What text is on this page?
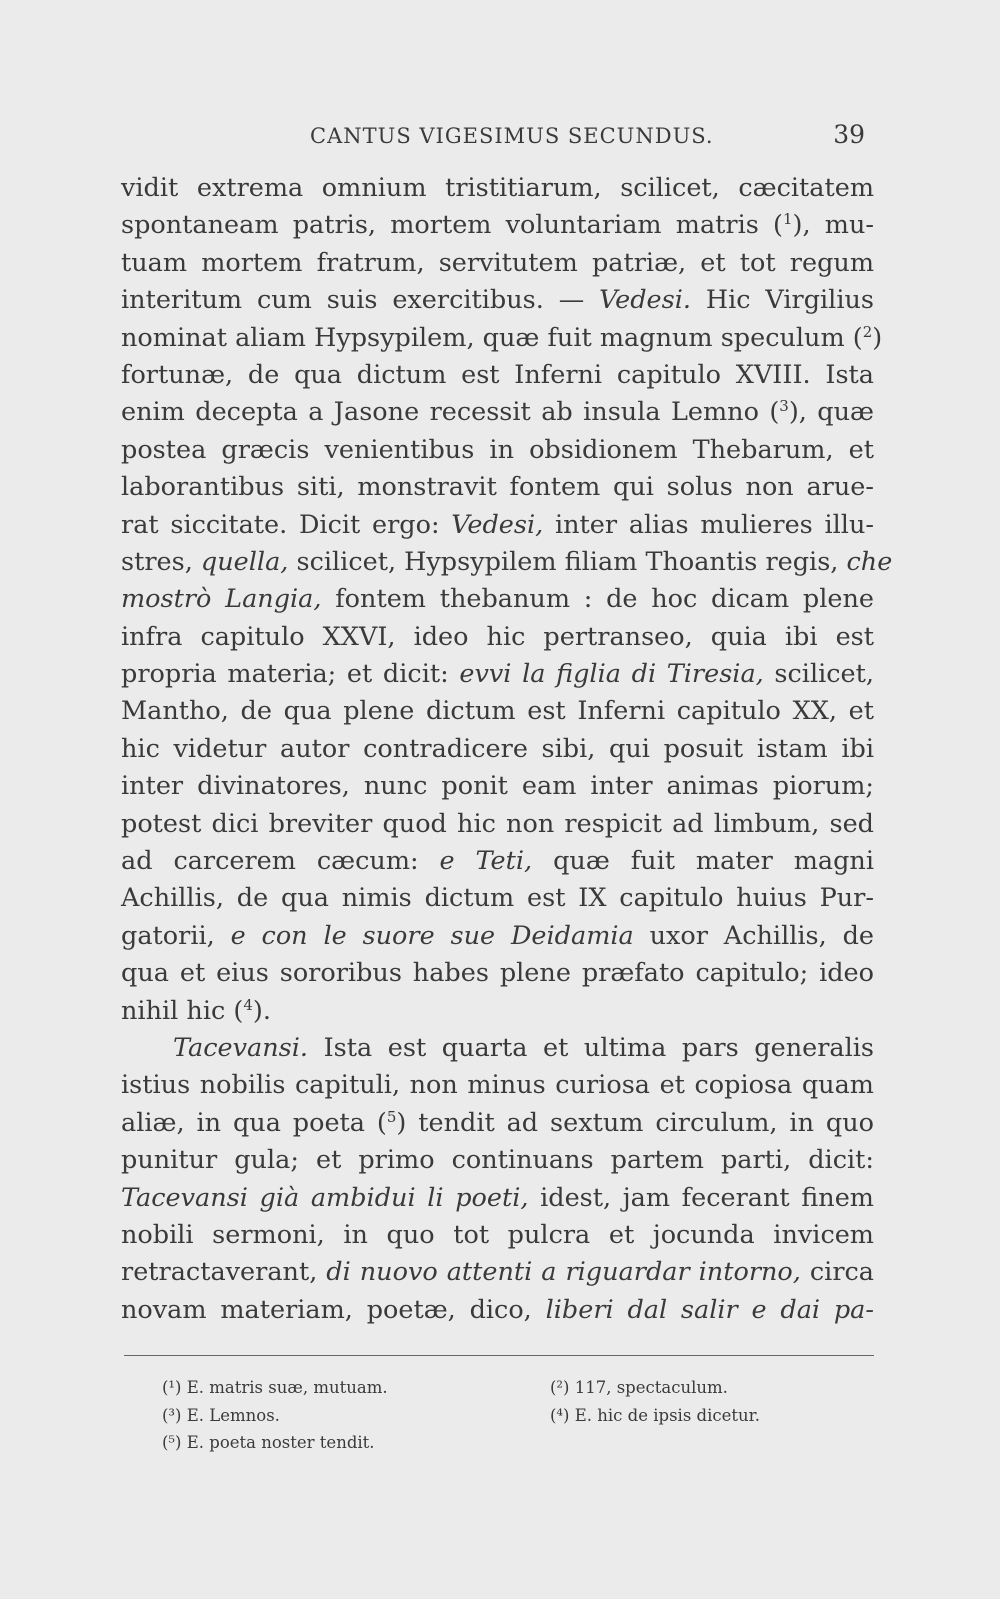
CANTUS VIGESIMUS SECUNDUS.	39
vidit extrema omnium tristitiarum, scilicet, cæcitatem
spontaneam patris, mortem voluntariam matris ($^1$), mu-
tuam mortem fratrum, servitutem patriæ, et tot regum
interitum cum suis exercitibus. — Vedesi. Hic Virgilius
nominat aliam Hypsypilem, quæ fuit magnum speculum ($^2$)
fortunæ, de qua dictum est Inferni capitulo XVIII. Ista
enim decepta a Jasone recessit ab insula Lemno ($^3$), quæ
postea græcis venientibus in obsidionem Thebarum, et
laborantibus siti, monstravit fontem qui solus non arue-
rat siccitate. Dicit ergo: Vedesi, inter alias mulieres illu-
stres, quella, scilicet, Hypsypilem filiam Thoantis regis, che
mostrò Langia, fontem thebanum : de hoc dicam plene
infra capitulo XXVI, ideo hic pertranseo, quia ibi est
propria materia; et dicit: evvi la figlia di Tiresia, scilicet,
Mantho, de qua plene dictum est Inferni capitulo XX, et
hic videtur autor contradicere sibi, qui posuit istam ibi
inter divinatores, nunc ponit eam inter animas piorum;
potest dici breviter quod hic non respicit ad limbum, sed
ad carcerem cæcum: e Teti, quæ fuit mater magni
Achillis, de qua nimis dictum est IX capitulo huius Pur-
gatorii, e con le suore sue Deidamia uxor Achillis, de
qua et eius sororibus habes plene præfato capitulo; ideo
nihil hic ($^4$).
Tacevansi. Ista est quarta et ultima pars generalis
istius nobilis capituli, non minus curiosa et copiosa quam
aliæ, in qua poeta ($^5$) tendit ad sextum circulum, in quo
punitur gula; et primo continuans partem parti, dicit:
Tacevansi già ambidui li poeti, idest, jam fecerant finem
nobili sermoni, in quo tot pulcra et jocunda invicem
retractaverant, di nuovo attenti a riguardar intorno, circa
novam materiam, poetæ, dico, liberi dal salir e dai pa-
(¹) E. matris suæ, mutuam.	(²) 117, spectaculum.
(³) E. Lemnos.	(⁴) E. hic de ipsis dicetur.
(⁵) E. poeta noster tendit.
